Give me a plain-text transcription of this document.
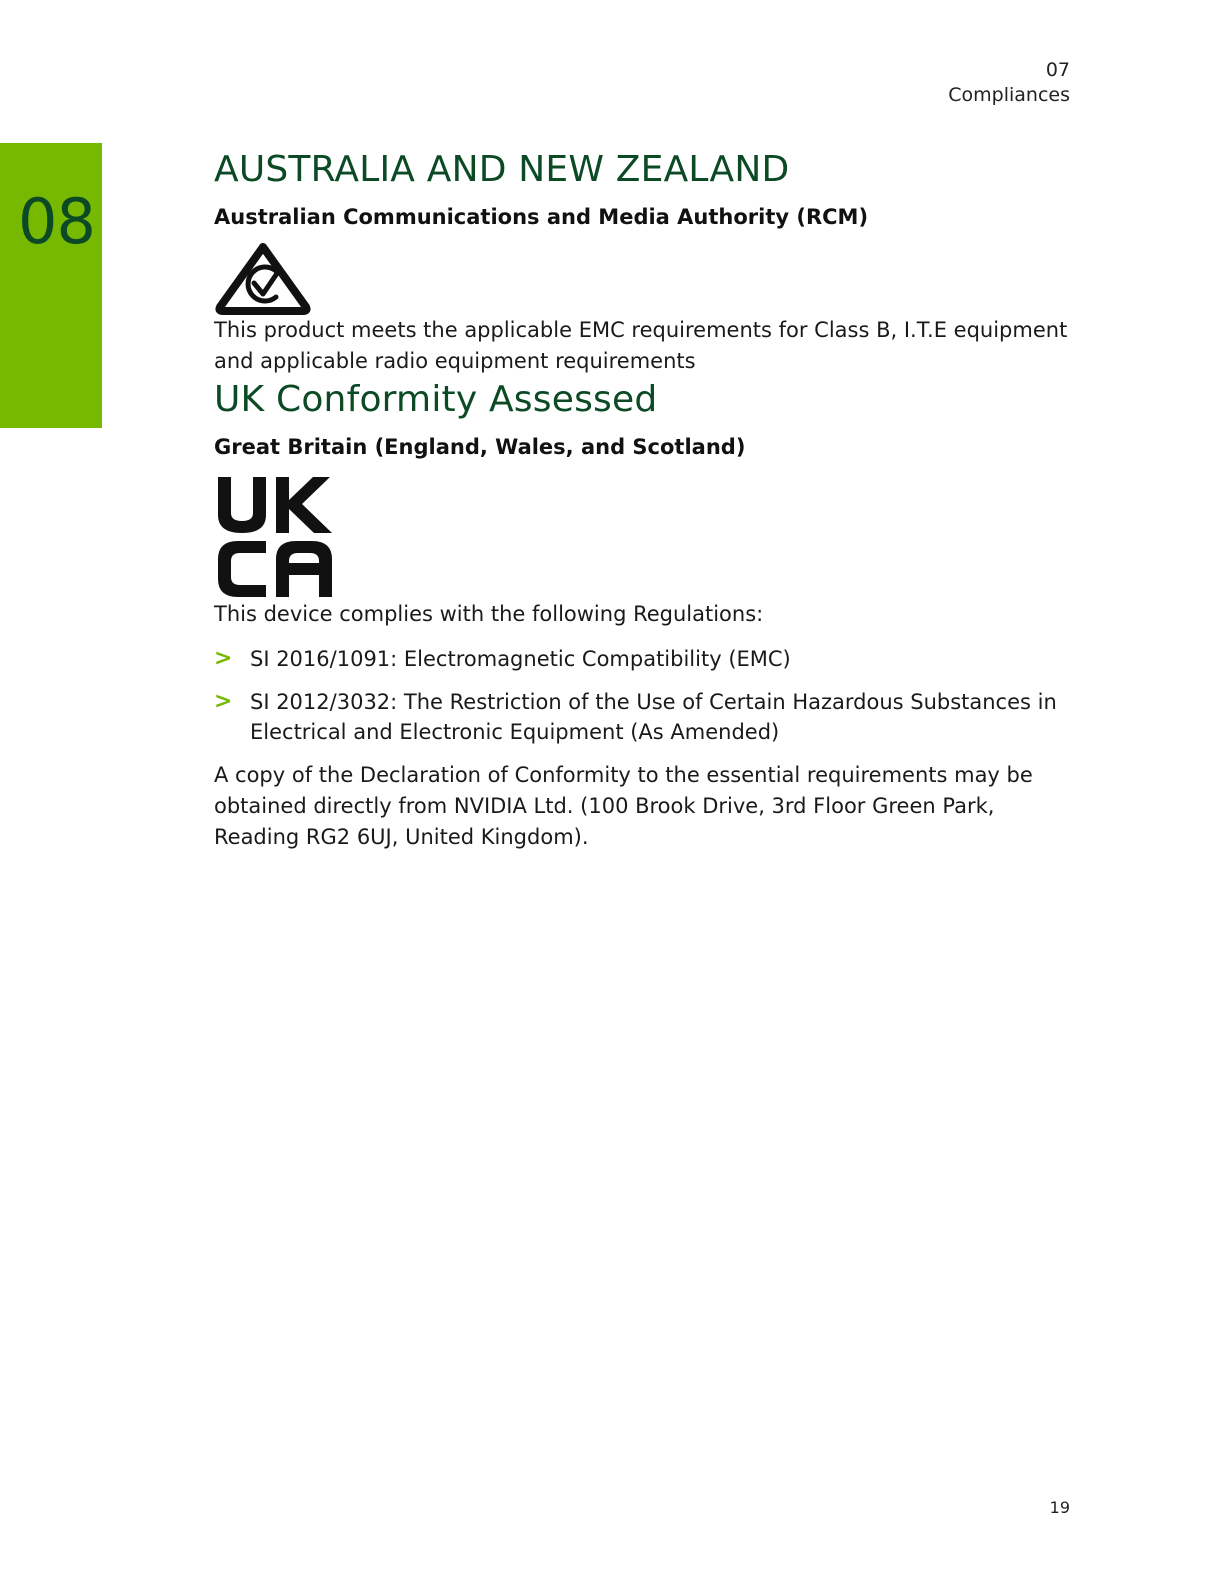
07
Compliances
08
AUSTRALIA AND NEW ZEALAND
Australian Communications and Media Authority (RCM)

This product meets the applicable EMC requirements for Class B, I.T.E equipment and applicable radio equipment requirements

UK Conformity Assessed
Great Britain (England, Wales, and Scotland)

This device complies with the following Regulations:

> SI 2016/1091: Electromagnetic Compatibility (EMC)
> SI 2012/3032: The Restriction of the Use of Certain Hazardous Substances in Electrical and Electronic Equipment (As Amended)

A copy of the Declaration of Conformity to the essential requirements may be obtained directly from NVIDIA Ltd. (100 Brook Drive, 3rd Floor Green Park, Reading RG2 6UJ, United Kingdom).

19
